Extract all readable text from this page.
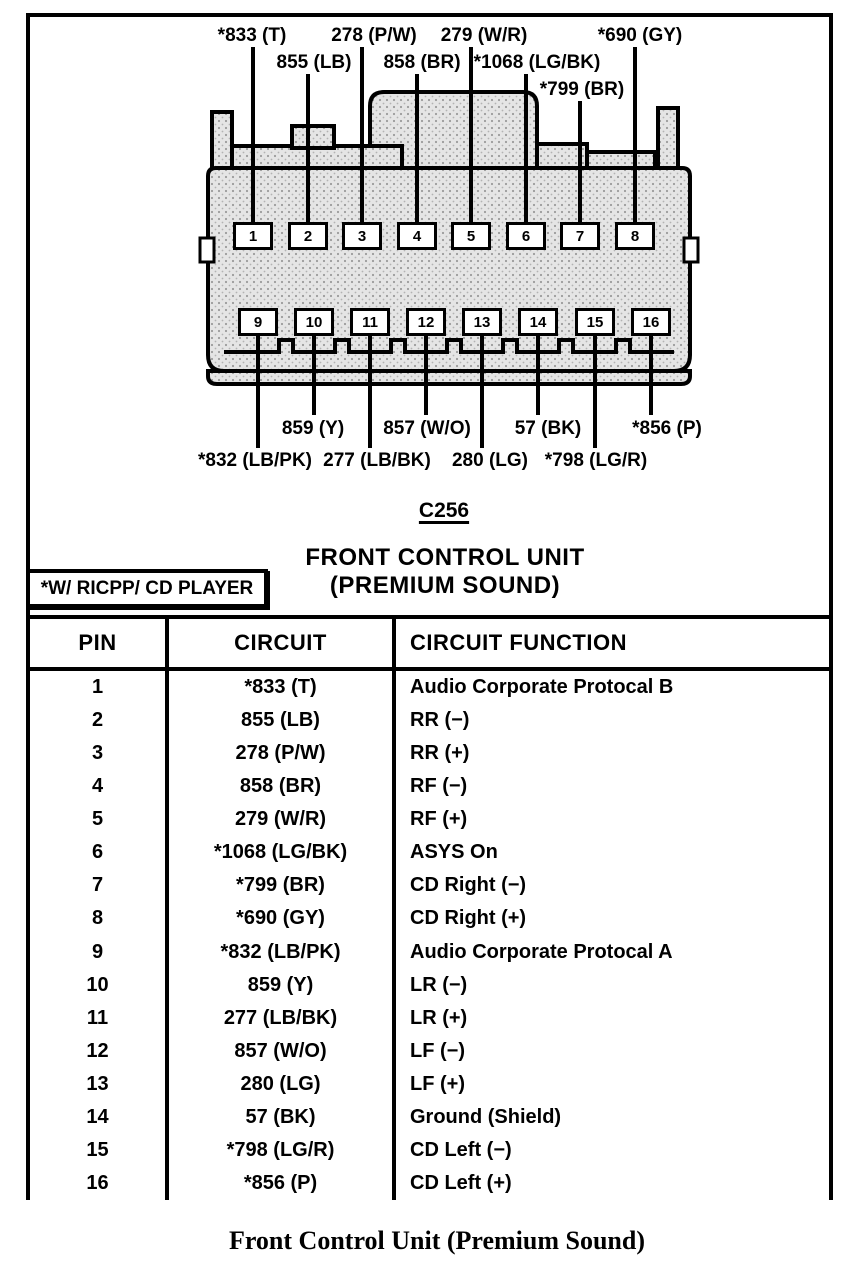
*833 (T) 278 (P/W) 279 (W/R)	*690 (GY)
855 (LB) 858 (BR) *1068 (LG/BK)
*799 (BR)
1	2	3	4	5	6	7	8
9	10	11	12	13	14	15	16
859 (Y) 857 (W/O) 57 (BK)	*856 (P)
*832 (LB/PK) 277 (LB/BK) 280 (LG) *798 (LG/R)
C256
FRONT CONTROL UNIT
(PREMIUM SOUND)
*W/ RICPP/ CD PLAYER
PIN	CIRCUIT	CIRCUIT FUNCTION
1	*833 (T)	Audio Corporate Protocal B
2	855 (LB)	RR (−)
3	278 (P/W)	RR (+)
4	858 (BR)	RF (−)
5	279 (W/R)	RF (+)
6	*1068 (LG/BK)	ASYS On
7	*799 (BR)	CD Right (−)
8	*690 (GY)	CD Right (+)
9	*832 (LB/PK)	Audio Corporate Protocal A
10	859 (Y)	LR (−)
11	277 (LB/BK)	LR (+)
12	857 (W/O)	LF (−)
13	280 (LG)	LF (+)
14	57 (BK)	Ground (Shield)
15	*798 (LG/R)	CD Left (−)
16	*856 (P)	CD Left (+)
Front Control Unit (Premium Sound)
